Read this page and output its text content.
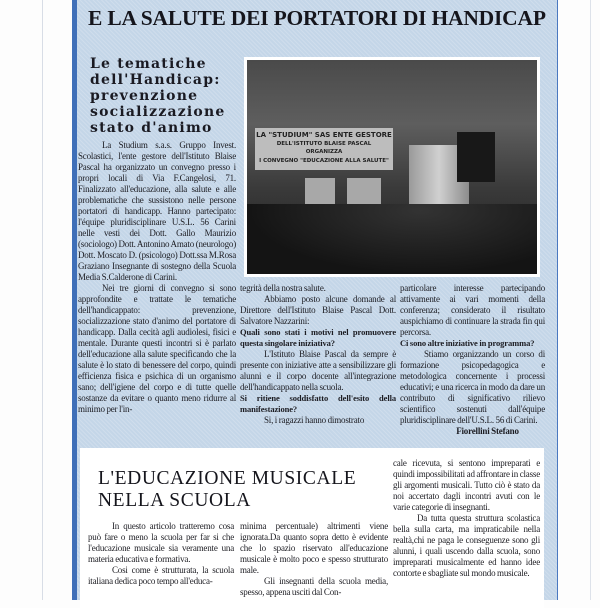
E LA SALUTE DEI PORTATORI DI HANDICAP
Le tematiche
dell'Handicap:
prevenzione
socializzazione
stato d'animo	LA "STUDIUM" SAS ENTE GESTORE
DELL'ISTITUTO BLAISE PASCAL
ORGANIZZA
I CONVEGNO "EDUCAZIONE ALLA SALUTE"

La Studium s.a.s. Gruppo Invest. Scolastici, l'ente gestore dell'Istituto Blaise Pascal ha organizzato un convegno presso i propri locali di Via F.Cangelosi, 71. Finalizzato all'educazione, alla salute e alle problematiche che sussistono nelle persone portatori di handicapp. Hanno partecipato: l'équipe pluridisciplinare U.S.L. 56 Carini nelle vesti dei Dott. Gallo Maurizio (sociologo) Dott. Antonino Amato (neurologo) Dott. Moscato D. (psicologo) Dott.ssa M.Rosa Graziano Insegnante di sostegno della Scuola Media S.Calderone di Carini.

Nei tre giorni di convegno si sono approfondite e trattate le tematiche dell'handicappato: prevenzione, socializzazione stato d'animo del portatore di handicapp. Dalla cecità agli audiolesi, fisici e mentale. Durante questi incontri si è parlato dell'educazione alla salute specificando che la salute è lo stato di benessere del corpo, quindi efficienza fisica e psichica di un organismo sano; dell'igiene del corpo e di tutte quelle sostanze da evitare o quanto meno ridurre al minimo per l'in-

tegrità della nostra salute.

Abbiamo posto alcune domande al Direttore dell'Istituto Blaise Pascal Dott. Salvatore Nazzarini:

Quali sono stati i motivi nel promuovere questa singolare iniziativa?

L'Istituto Blaise Pascal da sempre è presente con iniziative atte a sensibilizzare gli alunni e il corpo docente all'integrazione dell'handicappato nella scuola.

Si ritiene soddisfatto dell'esito della manifestazione?

Si, i ragazzi hanno dimostrato

particolare interesse partecipando attivamente ai vari momenti della conferenza; considerato il risultato auspichiamo di continuare la strada fin qui percorsa.

Ci sono altre iniziative in programma?

Stiamo organizzando un corso di formazione psicopedagogica e metodologica concernente i processi educativi; e una ricerca in modo da dare un contributo di significativo rilievo scientifico sostenuti dall'équipe pluridisciplinare dell'U.S.L. 56 di Carini.

Fiorellini Stefano

L'EDUCAZIONE MUSICALE
NELLA SCUOLA

In questo articolo tratteremo cosa può fare o meno la scuola per far si che l'educazione musicale sia veramente una materia educativa e formativa.

Cosi come è strutturata, la scuola italiana dedica poco tempo all'educa-

minima percentuale) altrimenti viene ignorata.Da quanto sopra detto è evidente che lo spazio riservato all'educazione musicale è molto poco e spesso strutturato male.

Gli insegnanti della scuola media, spesso, appena usciti dal Con-

cale ricevuta, si sentono impreparati e quindi impossibilitati ad affrontare in classe gli argomenti musicali. Tutto ciò è stato da noi accertato dagli incontri avuti con le varie categorie di insegnanti.

Da tutta questa struttura scolastica bella sulla carta, ma impraticabile nella realtà,chi ne paga le conseguenze sono gli alunni, i quali uscendo dalla scuola, sono impreparati musicalmente ed hanno idee contorte e sbagliate sul mondo musicale.
